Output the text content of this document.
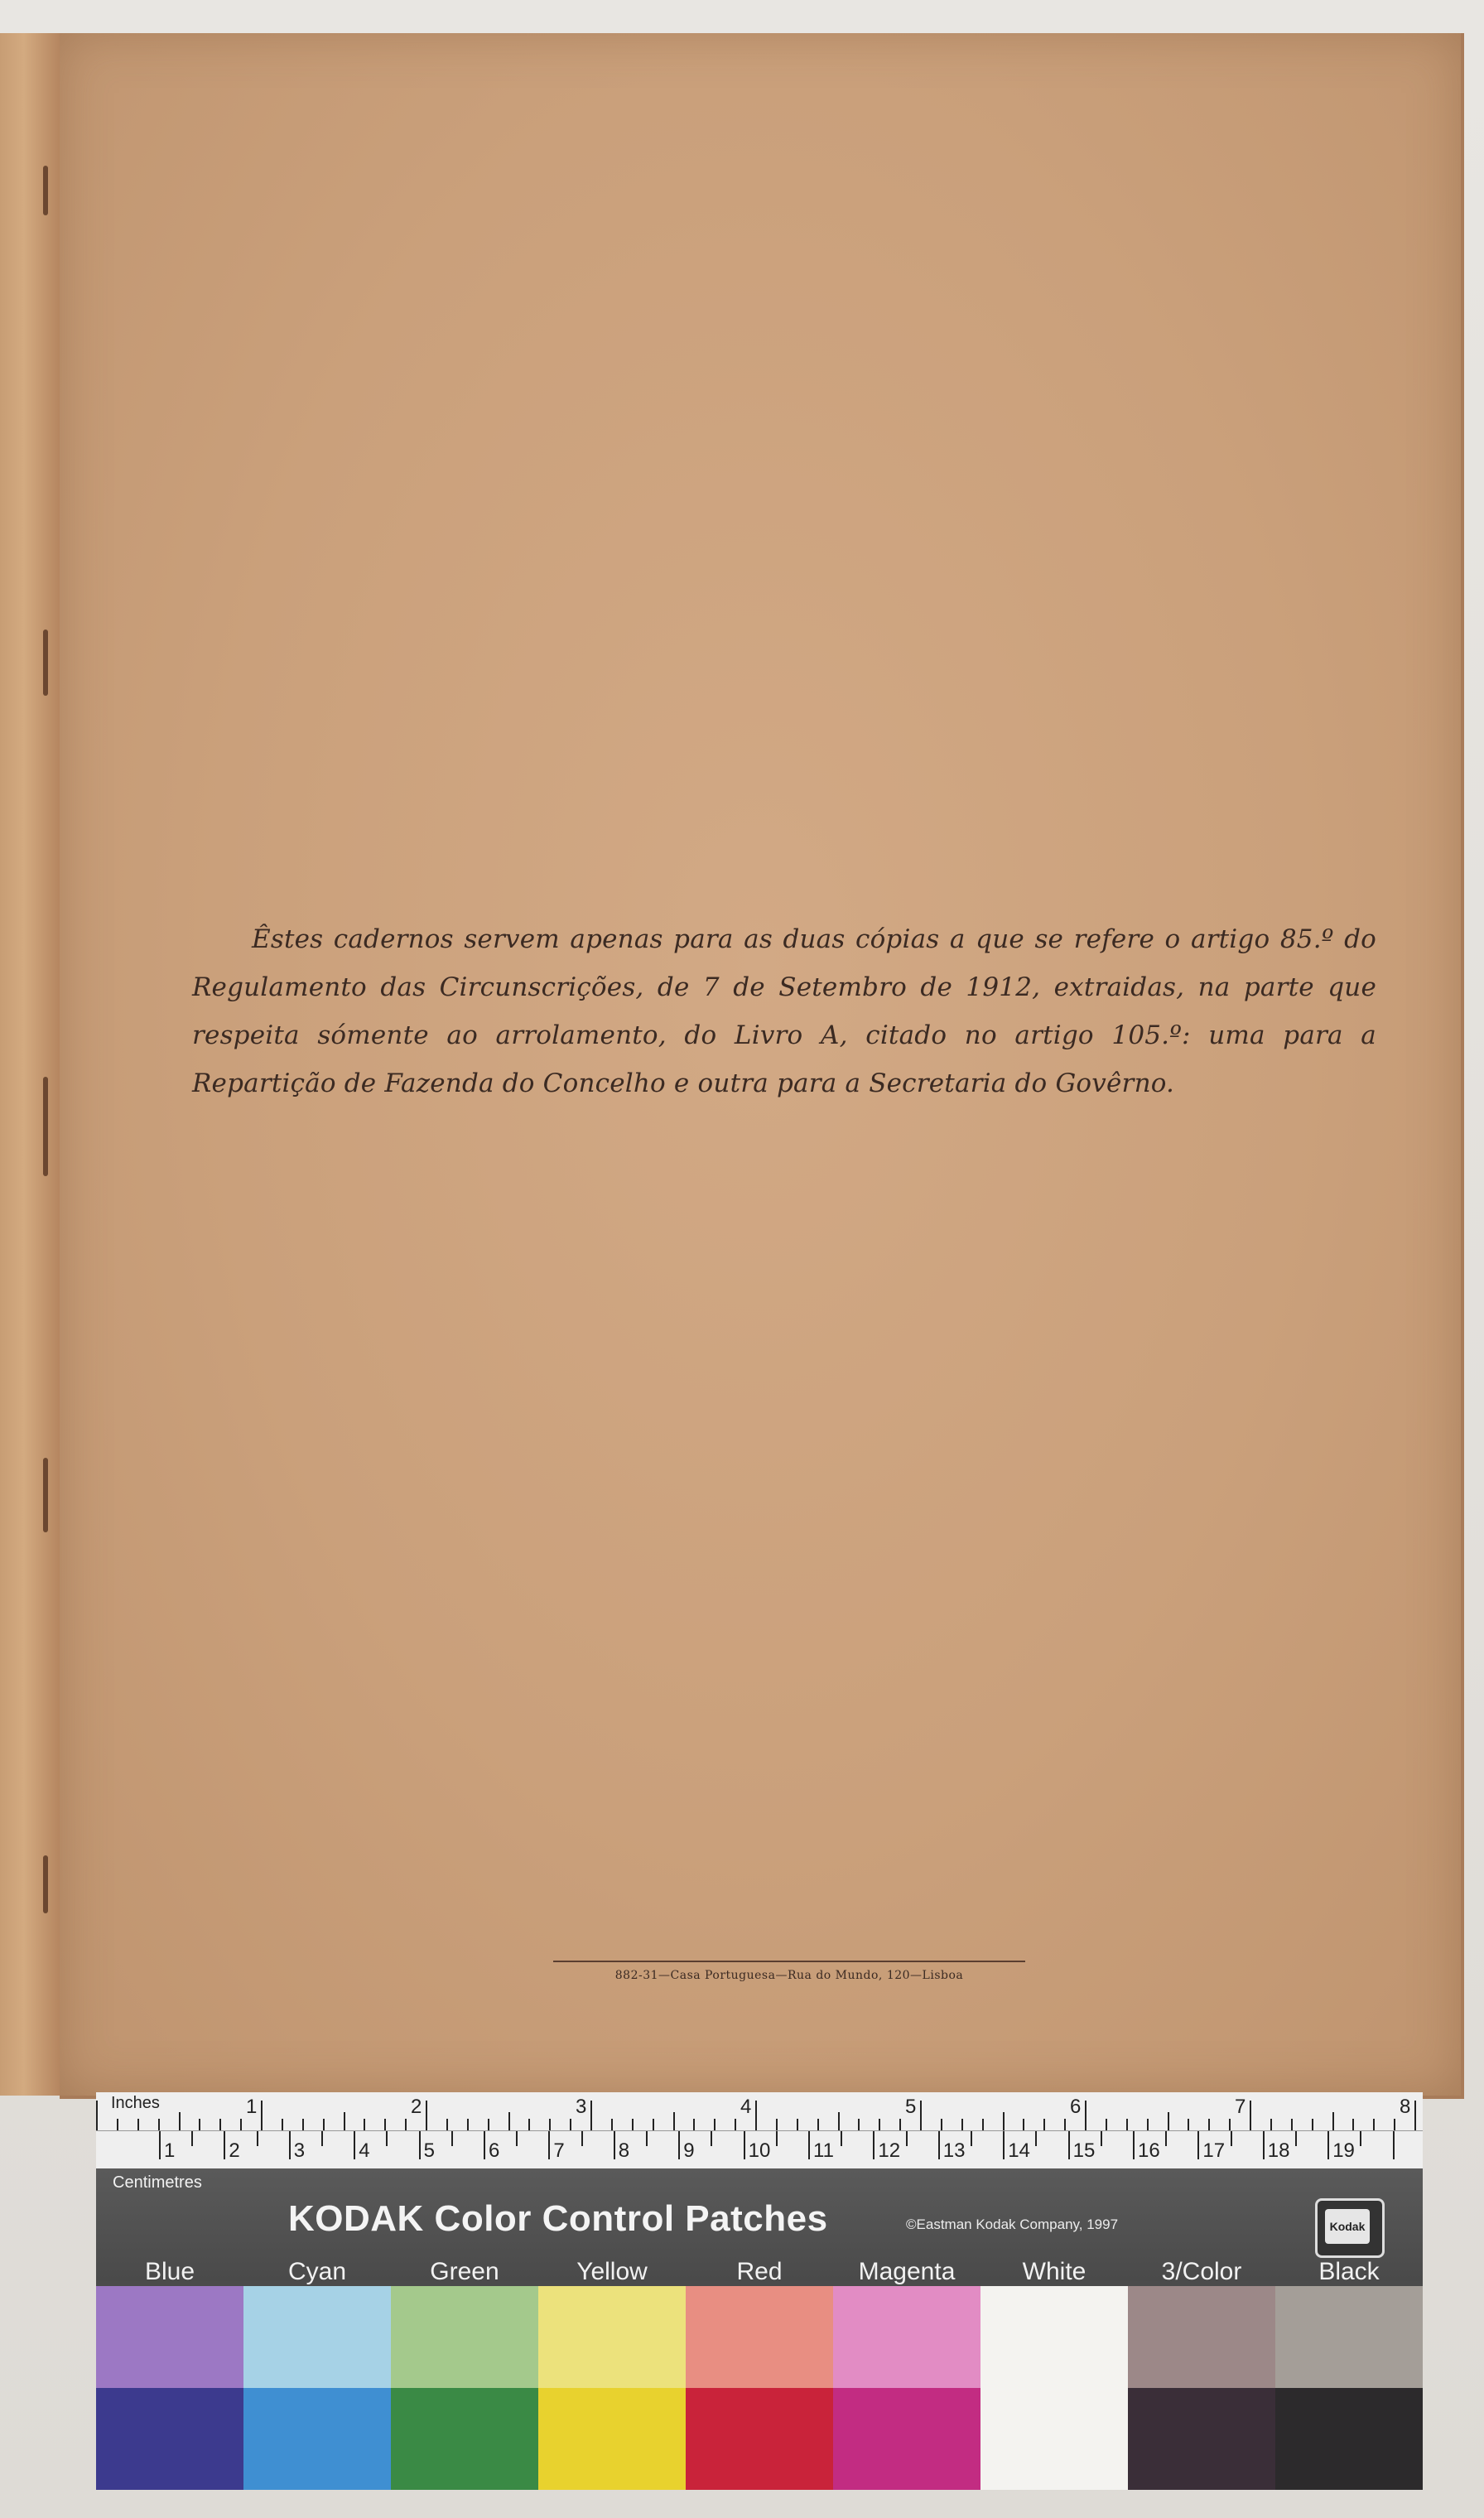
Êstes cadernos servem apenas para as duas cópias a que se refere o artigo 85.º do Regulamento das Circunscrições, de 7 de Setembro de 1912, extraidas, na parte que respeita sómente ao arrolamento, do Livro A, citado no artigo 105.º: uma para a Repartição de Fazenda do Concelho e outra para a Secretaria do Govêrno.

882-31—Casa Portuguesa—Rua do Mundo, 120—Lisboa
Inches	1	2	3	4	5	6	7	8
1	2	3	4	5	6	7	8	9	10 11 12 13 14 15 16 17 18 19
Centimetres
KODAK Color Control Patches	©Eastman Kodak Company, 1997	Kodak
Blue	Cyan	Green	Yellow	Red	Magenta	White	3/Color	Black
